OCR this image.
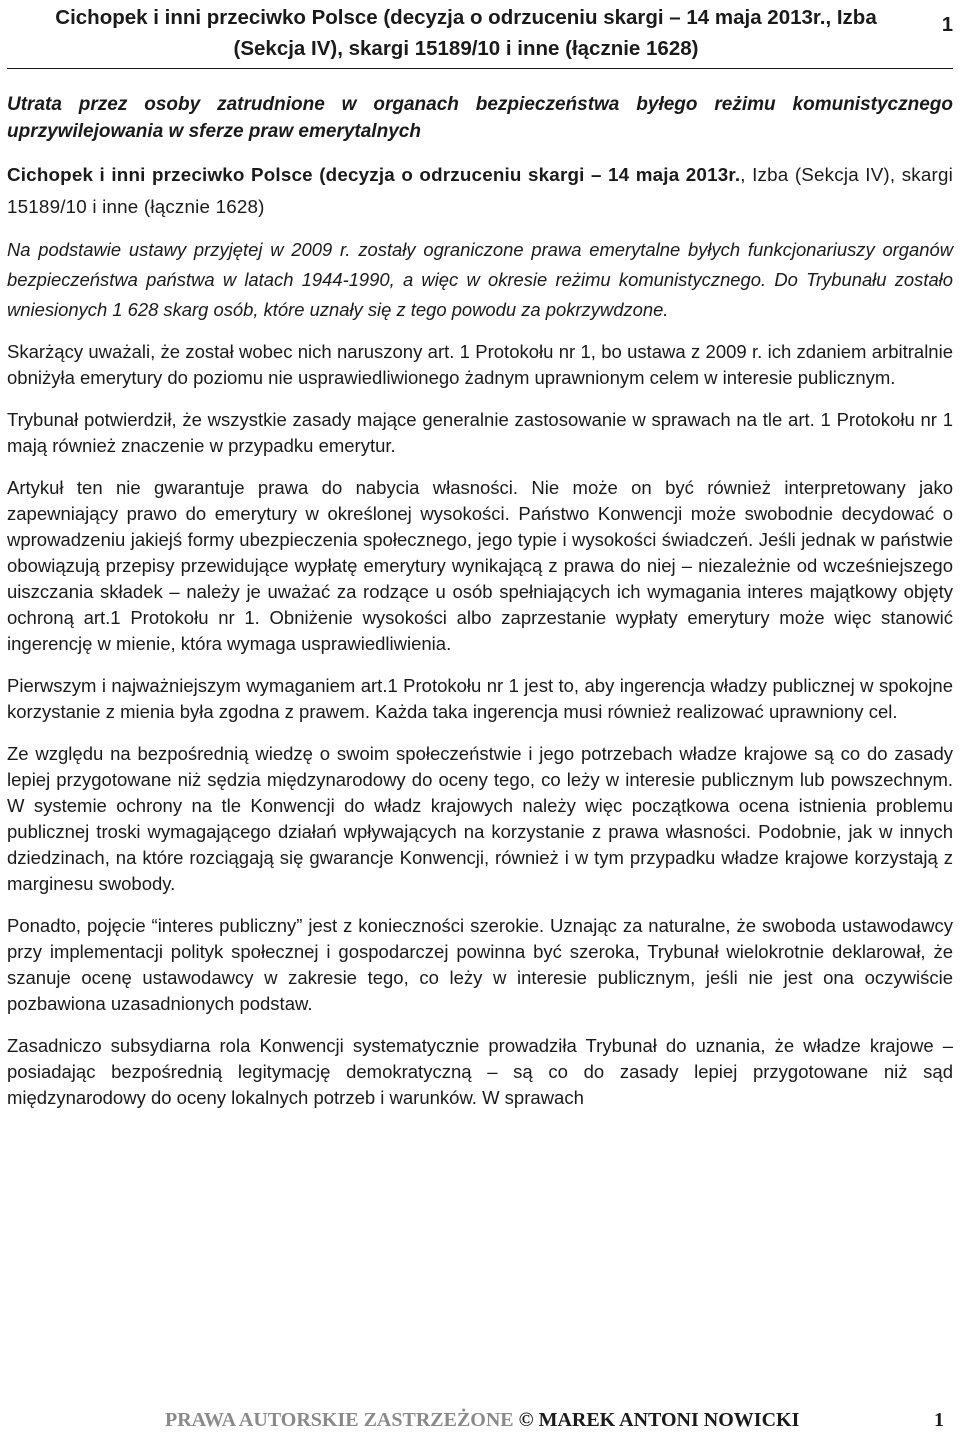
Cichopek i inni przeciwko Polsce (decyzja o odrzuceniu skargi – 14 maja 2013r., Izba
(Sekcja IV), skargi 15189/10 i inne (łącznie 1628)
1

Utrata przez osoby zatrudnione w organach bezpieczeństwa byłego reżimu komunistycznego uprzywilejowania w sferze praw emerytalnych

Cichopek i inni przeciwko Polsce (decyzja o odrzuceniu skargi – 14 maja 2013r., Izba (Sekcja IV), skargi 15189/10 i inne (łącznie 1628)

Na podstawie ustawy przyjętej w 2009 r. zostały ograniczone prawa emerytalne byłych funkcjonariuszy organów bezpieczeństwa państwa w latach 1944-1990, a więc w okresie reżimu komunistycznego. Do Trybunału zostało wniesionych 1 628 skarg osób, które uznały się z tego powodu za pokrzywdzone.

Skarżący uważali, że został wobec nich naruszony art. 1 Protokołu nr 1, bo ustawa z 2009 r. ich zdaniem arbitralnie obniżyła emerytury do poziomu nie usprawiedliwionego żadnym uprawnionym celem w interesie publicznym.

Trybunał potwierdził, że wszystkie zasady mające generalnie zastosowanie w sprawach na tle art. 1 Protokołu nr 1 mają również znaczenie w przypadku emerytur.

Artykuł ten nie gwarantuje prawa do nabycia własności. Nie może on być również interpretowany jako zapewniający prawo do emerytury w określonej wysokości. Państwo Konwencji może swobodnie decydować o wprowadzeniu jakiejś formy ubezpieczenia społecznego, jego typie i wysokości świadczeń. Jeśli jednak w państwie obowiązują przepisy przewidujące wypłatę emerytury wynikającą z prawa do niej – niezależnie od wcześniejszego uiszczania składek – należy je uważać za rodzące u osób spełniających ich wymagania interes majątkowy objęty ochroną art.1 Protokołu nr 1. Obniżenie wysokości albo zaprzestanie wypłaty emerytury może więc stanowić ingerencję w mienie, która wymaga usprawiedliwienia.

Pierwszym i najważniejszym wymaganiem art.1 Protokołu nr 1 jest to, aby ingerencja władzy publicznej w spokojne korzystanie z mienia była zgodna z prawem. Każda taka ingerencja musi również realizować uprawniony cel.

Ze względu na bezpośrednią wiedzę o swoim społeczeństwie i jego potrzebach władze krajowe są co do zasady lepiej przygotowane niż sędzia międzynarodowy do oceny tego, co leży w interesie publicznym lub powszechnym. W systemie ochrony na tle Konwencji do władz krajowych należy więc początkowa ocena istnienia problemu publicznej troski wymagającego działań wpływających na korzystanie z prawa własności. Podobnie, jak w innych dziedzinach, na które rozciągają się gwarancje Konwencji, również i w tym przypadku władze krajowe korzystają z marginesu swobody.

Ponadto, pojęcie “interes publiczny” jest z konieczności szerokie. Uznając za naturalne, że swoboda ustawodawcy przy implementacji polityk społecznej i gospodarczej powinna być szeroka, Trybunał wielokrotnie deklarował, że szanuje ocenę ustawodawcy w zakresie tego, co leży w interesie publicznym, jeśli nie jest ona oczywiście pozbawiona uzasadnionych podstaw.

Zasadniczo subsydiarna rola Konwencji systematycznie prowadziła Trybunał do uznania, że władze krajowe – posiadając bezpośrednią legitymację demokratyczną – są co do zasady lepiej przygotowane niż sąd międzynarodowy do oceny lokalnych potrzeb i warunków. W sprawach

PRAWA AUTORSKIE ZASTRZEŻONE © MAREK ANTONI NOWICKI	1
